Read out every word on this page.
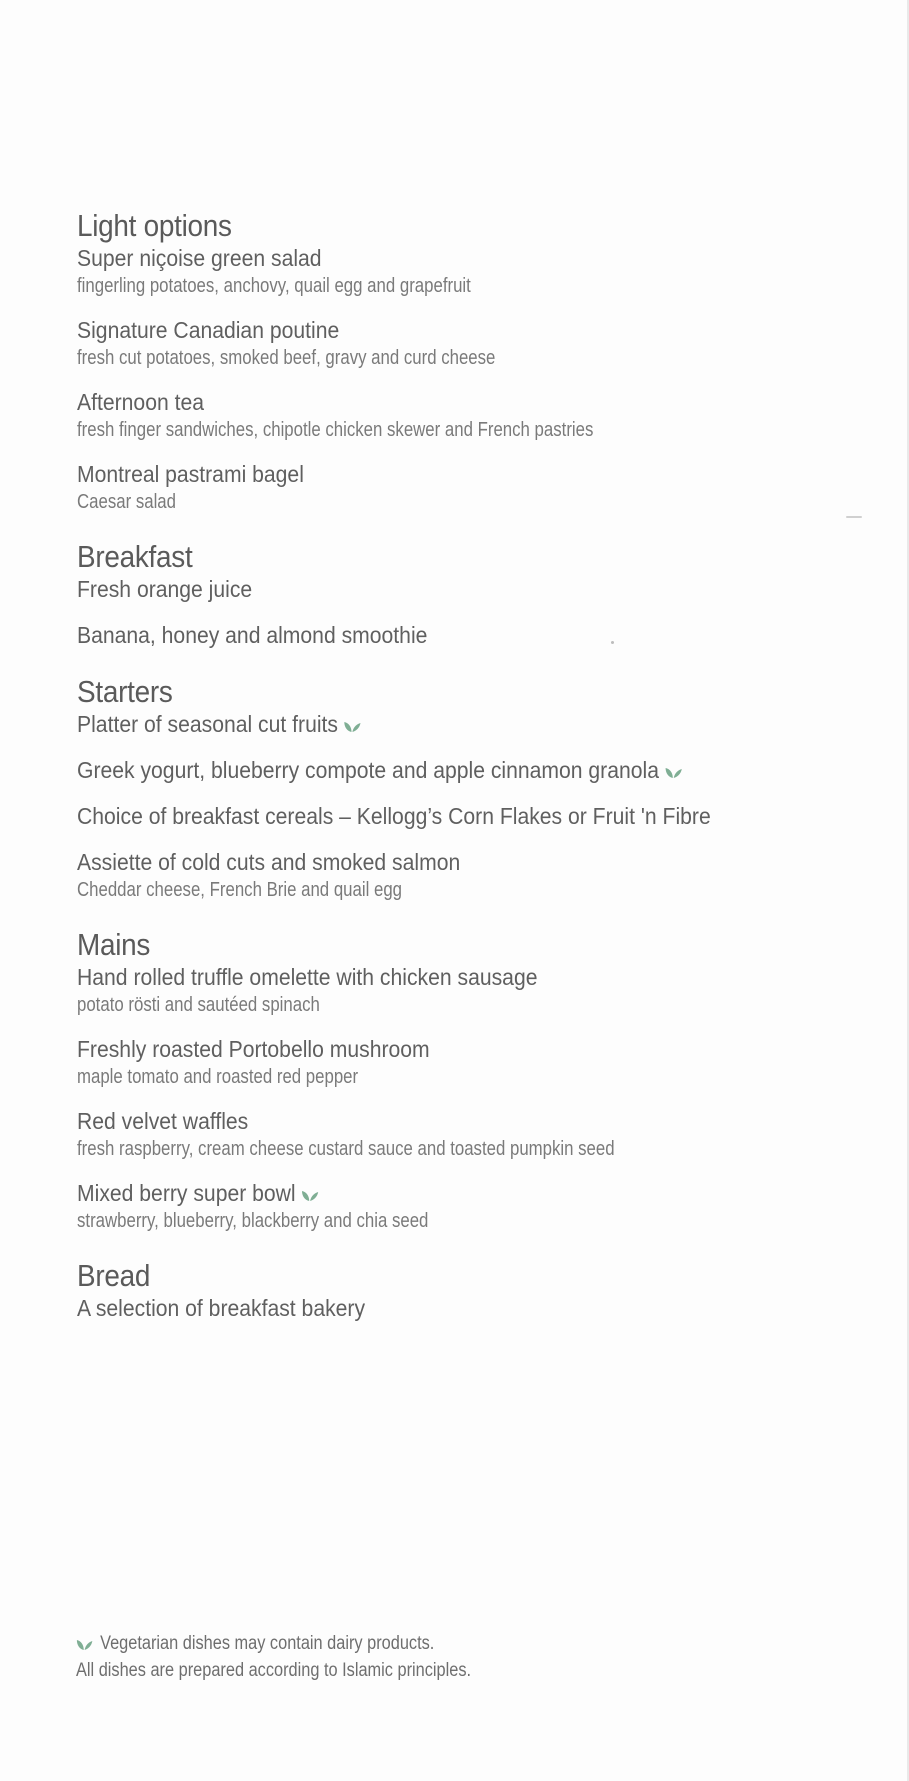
Light options
Super niçoise green salad
fingerling potatoes, anchovy, quail egg and grapefruit
Signature Canadian poutine
fresh cut potatoes, smoked beef, gravy and curd cheese
Afternoon tea
fresh finger sandwiches, chipotle chicken skewer and French pastries
Montreal pastrami bagel
Caesar salad
Breakfast
Fresh orange juice
Banana, honey and almond smoothie
Starters
Platter of seasonal cut fruits
Greek yogurt, blueberry compote and apple cinnamon granola
Choice of breakfast cereals – Kellogg’s Corn Flakes or Fruit 'n Fibre
Assiette of cold cuts and smoked salmon
Cheddar cheese, French Brie and quail egg
Mains
Hand rolled truffle omelette with chicken sausage
potato rösti and sautéed spinach
Freshly roasted Portobello mushroom
maple tomato and roasted red pepper
Red velvet waffles
fresh raspberry, cream cheese custard sauce and toasted pumpkin seed
Mixed berry super bowl
strawberry, blueberry, blackberry and chia seed
Bread
A selection of breakfast bakery
Vegetarian dishes may contain dairy products.
All dishes are prepared according to Islamic principles.
